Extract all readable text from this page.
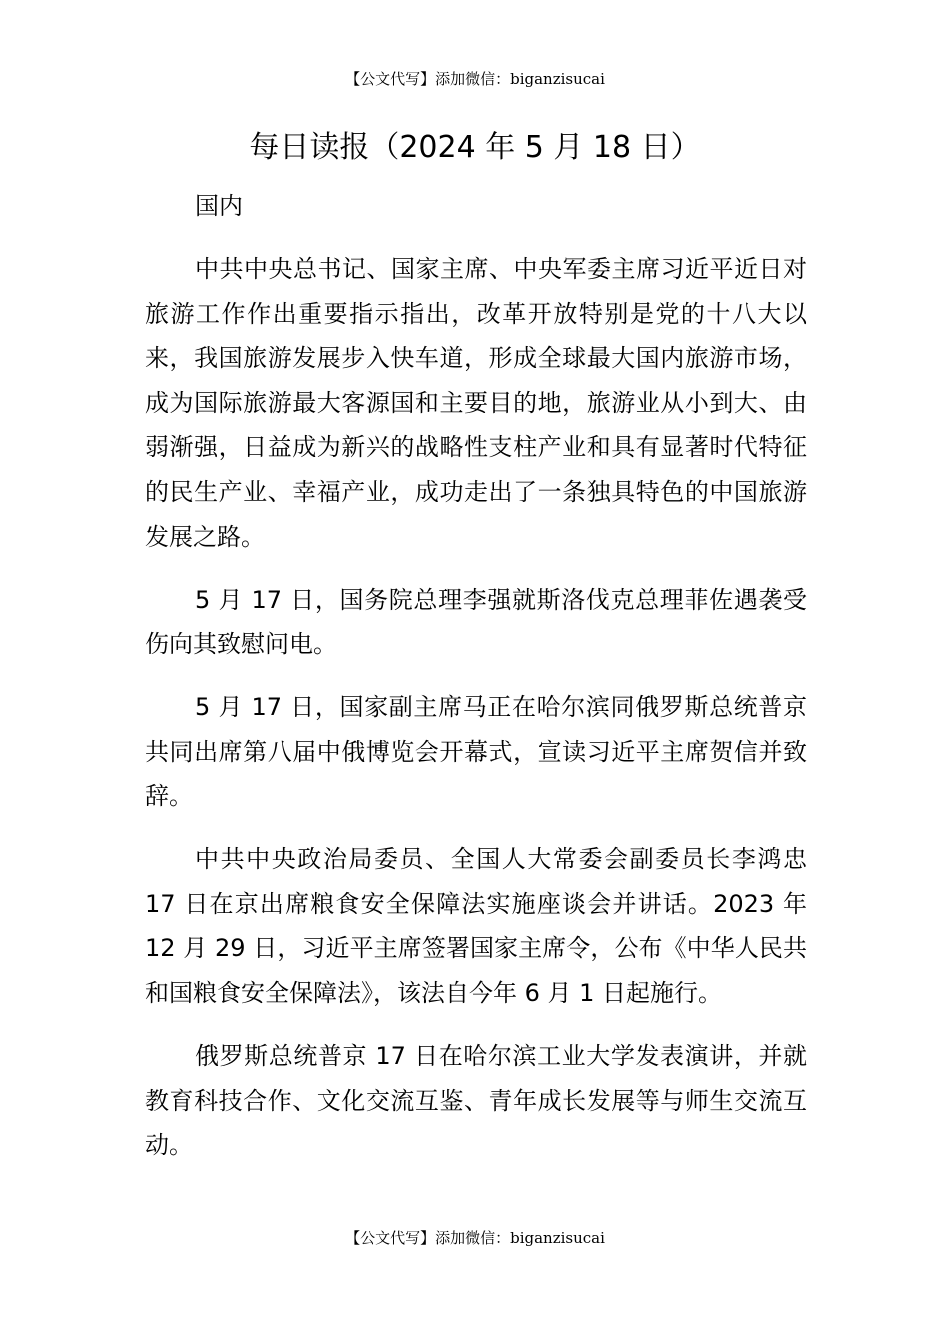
【公文代写】添加微信：biganzisucai
每日读报（2024 年 5 月 18 日）

国内

中共中央总书记、国家主席、中央军委主席习近平近日对旅游工作作出重要指示指出，改革开放特别是党的十八大以来，我国旅游发展步入快车道，形成全球最大国内旅游市场，成为国际旅游最大客源国和主要目的地，旅游业从小到大、由弱渐强，日益成为新兴的战略性支柱产业和具有显著时代特征的民生产业、幸福产业，成功走出了一条独具特色的中国旅游发展之路。

5 月 17 日，国务院总理李强就斯洛伐克总理菲佐遇袭受伤向其致慰问电。

5 月 17 日，国家副主席马正在哈尔滨同俄罗斯总统普京共同出席第八届中俄博览会开幕式，宣读习近平主席贺信并致辞。

中共中央政治局委员、全国人大常委会副委员长李鸿忠 17 日在京出席粮食安全保障法实施座谈会并讲话。2023 年 12 月 29 日，习近平主席签署国家主席令，公布《中华人民共和国粮食安全保障法》，该法自今年 6 月 1 日起施行。

俄罗斯总统普京 17 日在哈尔滨工业大学发表演讲，并就教育科技合作、文化交流互鉴、青年成长发展等与师生交流互动。

【公文代写】添加微信：biganzisucai
